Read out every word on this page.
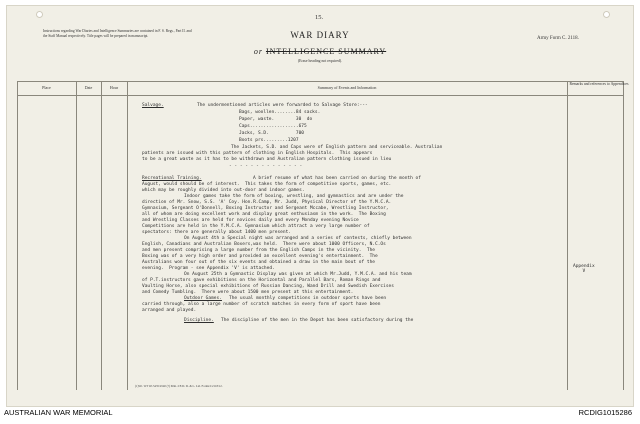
15.
Instructions regarding War Diaries and Intelligence Summaries are contained in F. S. Regs., Part II. and the Staff Manual respectively. Title pages will be prepared in manuscript.	WAR DIARY
or INTELLIGENCE SUMMARY
(Erase heading not required).
Army Form C. 2118.
Place	Date	Hour	Summary of Events and Information
Remarks and references to Appendices
Salvage.	The undermentioned articles were forwarded to Salvage Store:---
Bags, woollen........84 sacks.
Paper, waste.        30  do
Caps..................675
Jacks, S.D.          700
Boots prs.........1207
The Jackets, S.D. and Caps were of English pattern and serviceable. Australian
patients are issued with this pattern of clothing in English Hospitals.  This appears
to be a great waste as it has to be withdrawn and Australian pattern clothing issued in lieu
- - - - - - - - - - - - - -
Recreational Training.	A brief resume of what has been carried on during the month of
August, would should be of interest.  This takes the form of competitive sports, games, etc.
which may be roughly divided into out-door and indoor games.
Indoor games take the form of boxing, wrestling, and gymnastics and are under the
direction of Mr. Snow, S.S. 'A' Coy. Hon.R.Camp, Mr. Judd, Physical Director of the Y.M.C.A.
Gymnasium, Sergeant O'Donnell, Boxing Instructor and Sergeant Mccabe, Wrestling Instructor,
all of whom are doing excellent work and display great enthusiasm in the work.  The Boxing
and Wrestling Classes are held for novices daily and every Monday evening Novice
Competitions are held in the Y.M.C.A. Gymnasium which attract a very large number of
spectators: there are generally about 1400 men present.
On August 4th a Special night was arranged and a series of contests, chiefly between
English, Canadians and Australian Boxers,was held.  There were about 1000 Officers, N.C.Os
and men present comprising a large number from the English Camps in the vicinity.  The
Boxing was of a very high order and provided an excellent evening's entertainment.  The
Australians won four out of the six events and obtained a draw in the main bout of the
evening.  Program - see Appendix 'V' is attached.
On August 25th a Gymnastic Display was given at which Mr.Judd, Y.M.C.A. and his team
of P.T.instructors gave exhibitions on the Horizontal and Parallel Bars, Roman Rings and
Vaulting Horse, also special exhibitions of Russian Dancing, Wand Drill and Swedish Exercises
and Comedy Tumbling.  There were about 1500 men present at this entertainment.
Outdoor Games. The usual monthly competitions in outdoor sports have been
carried through, also a large number of scratch matches in every form of sport have been
arranged and played.
Discipline. The discipline of the men in the Depot has been satisfactory during the
Appendix
V
(1)Wt. W3 Wt.5435/4540 (?) 60m. 2/8 D. D. & L. Ltd. Forms/C2118/12.
AUSTRALIAN WAR MEMORIAL	RCDIG1015286
